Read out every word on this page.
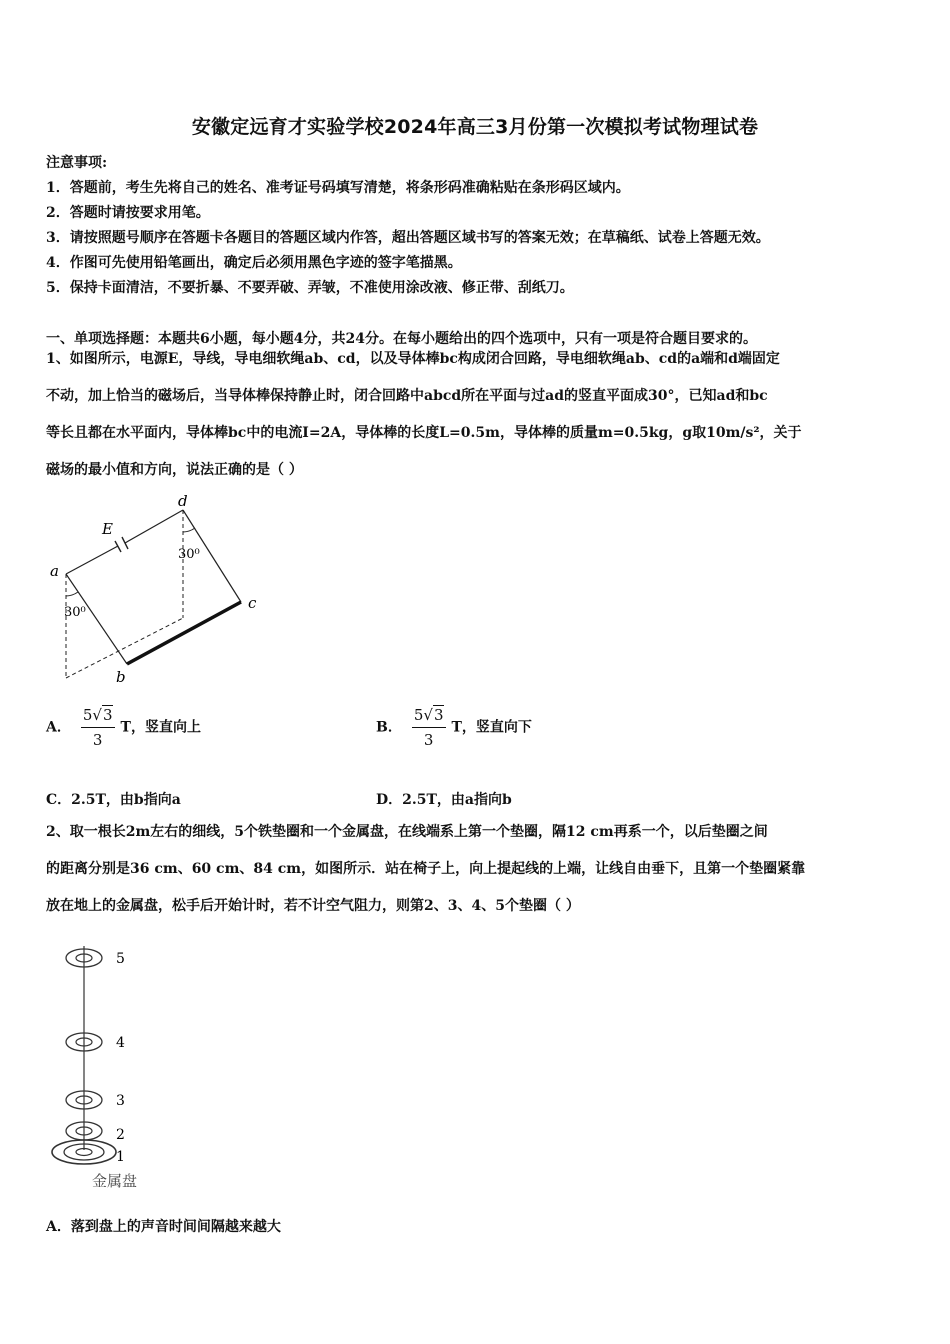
安徽定远育才实验学校2024年高三3月份第一次模拟考试物理试卷
注意事项:
1．答题前，考生先将自己的姓名、准考证号码填写清楚，将条形码准确粘贴在条形码区域内。
2．答题时请按要求用笔。
3．请按照题号顺序在答题卡各题目的答题区域内作答，超出答题区域书写的答案无效；在草稿纸、试卷上答题无效。
4．作图可先使用铅笔画出，确定后必须用黑色字迹的签字笔描黑。
5．保持卡面清洁，不要折暴、不要弄破、弄皱，不准使用涂改液、修正带、刮纸刀。
一、单项选择题：本题共6小题，每小题4分，共24分。在每小题给出的四个选项中，只有一项是符合题目要求的。
1、如图所示，电源E，导线，导电细软绳ab、cd，以及导体棒bc构成闭合回路，导电细软绳ab、cd的a端和d端固定
不动，加上恰当的磁场后，当导体棒保持静止时，闭合回路中abcd所在平面与过ad的竖直平面成30°，已知ad和bc
等长且都在水平面内，导体棒bc中的电流I=2A，导体棒的长度L=0.5m，导体棒的质量m=0.5kg，g取10m/s²，关于
磁场的最小值和方向，说法正确的是（ ）
E
a
d
c
b
30⁰
30⁰
A． $\frac{5√3}{3}$ T，竖直向上	B． $\frac{5√3}{3}$ T，竖直向下
C．2.5T，由b指向a	D．2.5T，由a指向b
2、取一根长2m左右的细线，5个铁垫圈和一个金属盘，在线端系上第一个垫圈，隔12 cm再系一个，以后垫圈之间
的距离分别是36 cm、60 cm、84 cm，如图所示．站在椅子上，向上提起线的上端，让线自由垂下，且第一个垫圈紧靠
放在地上的金属盘，松手后开始计时，若不计空气阻力，则第2、3、4、5个垫圈（ ）
5
4
3
2
1
金属盘
A．落到盘上的声音时间间隔越来越大
